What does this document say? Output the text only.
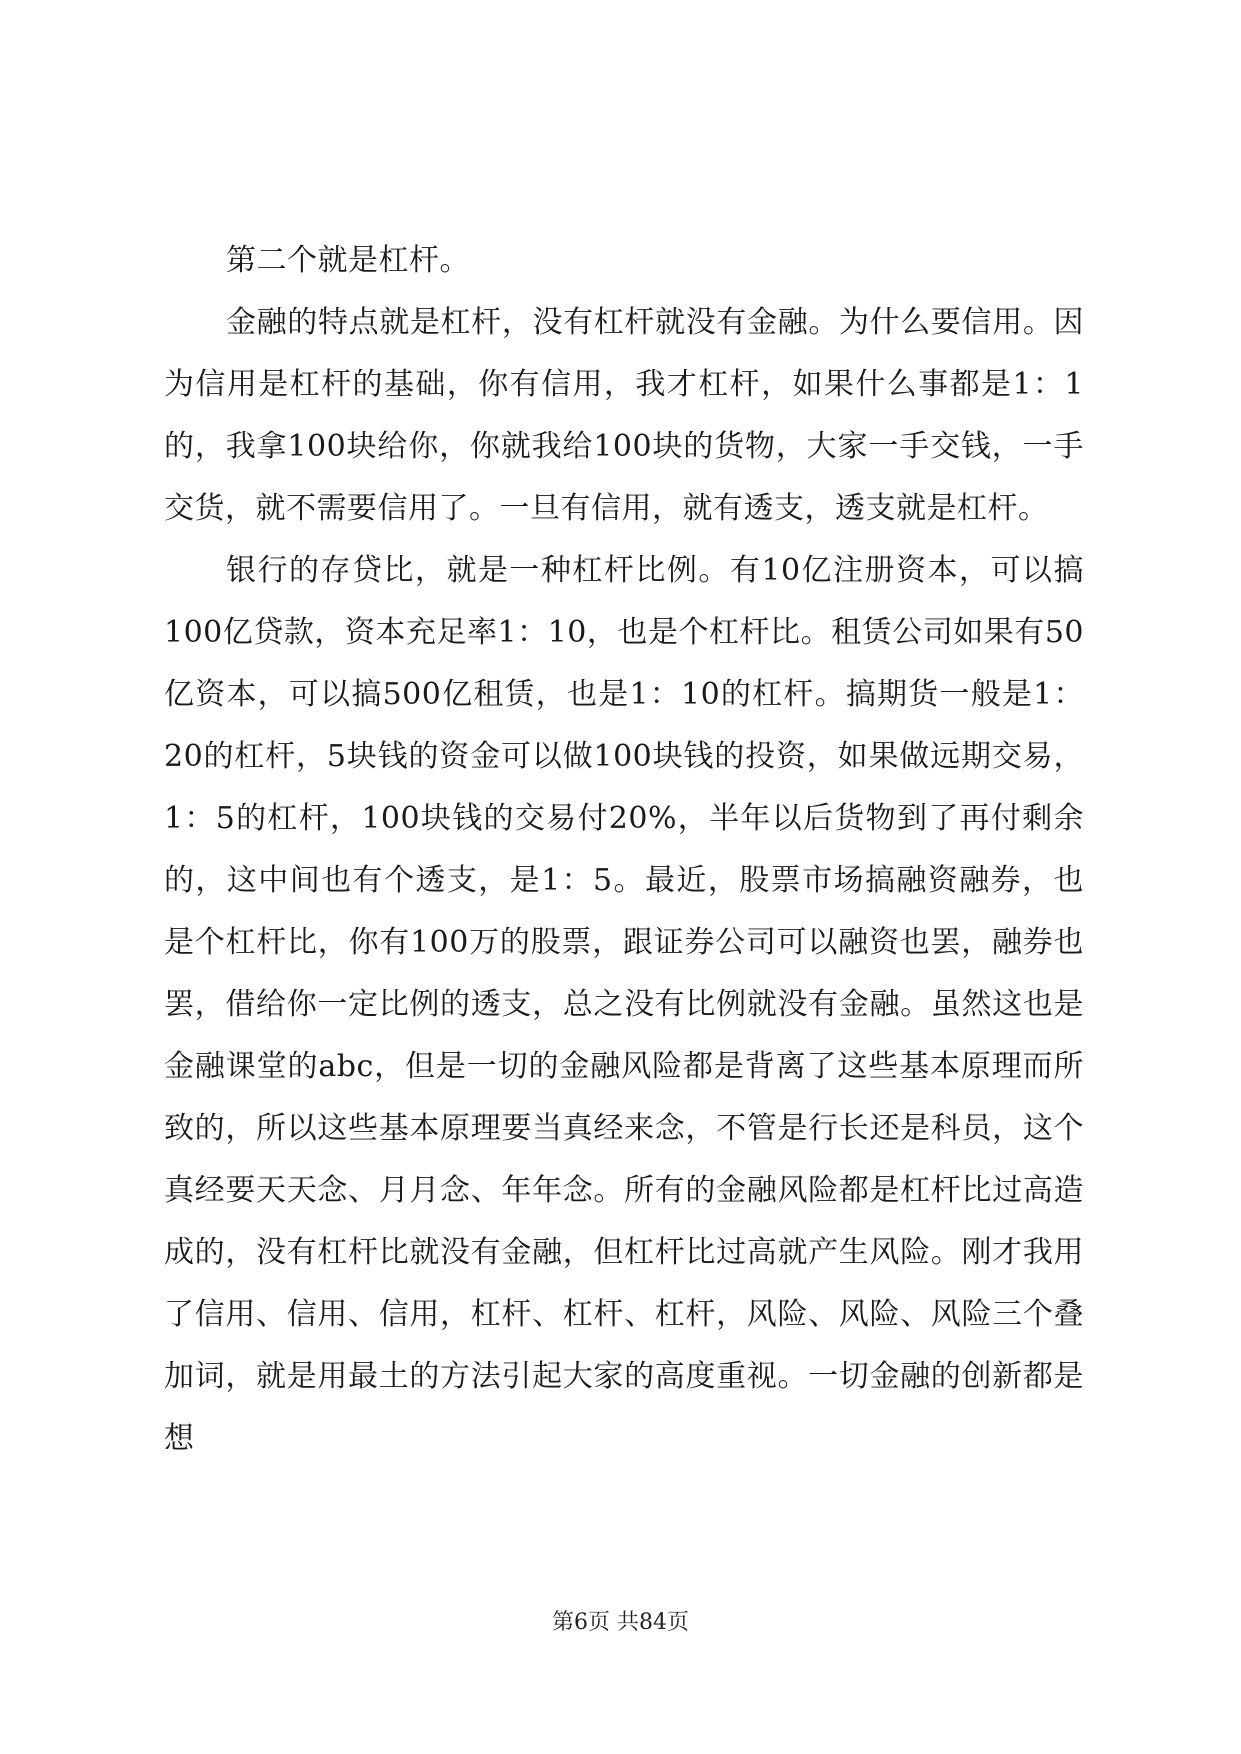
第二个就是杠杆。

金融的特点就是杠杆，没有杠杆就没有金融。为什么要信用。因为信用是杠杆的基础，你有信用，我才杠杆，如果什么事都是1：1的，我拿100块给你，你就我给100块的货物，大家一手交钱，一手交货，就不需要信用了。一旦有信用，就有透支，透支就是杠杆。

银行的存贷比，就是一种杠杆比例。有10亿注册资本，可以搞100亿贷款，资本充足率1：10，也是个杠杆比。租赁公司如果有50亿资本，可以搞500亿租赁，也是1：10的杠杆。搞期货一般是1：20的杠杆，5块钱的资金可以做100块钱的投资，如果做远期交易，1：5的杠杆，100块钱的交易付20%，半年以后货物到了再付剩余的，这中间也有个透支，是1：5。最近，股票市场搞融资融券，也是个杠杆比，你有100万的股票，跟证券公司可以融资也罢，融券也罢，借给你一定比例的透支，总之没有比例就没有金融。虽然这也是金融课堂的abc，但是一切的金融风险都是背离了这些基本原理而所致的，所以这些基本原理要当真经来念，不管是行长还是科员，这个真经要天天念、月月念、年年念。所有的金融风险都是杠杆比过高造成的，没有杠杆比就没有金融，但杠杆比过高就产生风险。刚才我用了信用、信用、信用，杠杆、杠杆、杠杆，风险、风险、风险三个叠加词，就是用最土的方法引起大家的高度重视。一切金融的创新都是想

第6页 共84页
